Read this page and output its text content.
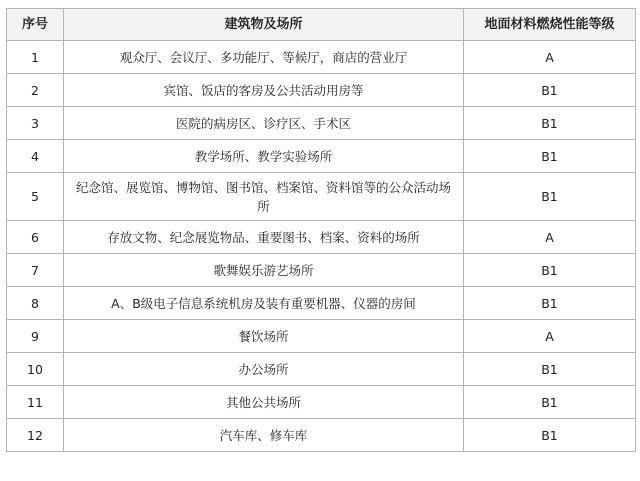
序号	建筑物及场所	地面材料燃烧性能等级
1	观众厅、会议厅、多功能厅、等候厅，商店的营业厅	A
2	宾馆、饭店的客房及公共活动用房等	B1
3	医院的病房区、诊疗区、手术区	B1
4	教学场所、教学实验场所	B1
5	纪念馆、展览馆、博物馆、图书馆、档案馆、资料馆等的公众活动场所	B1
6	存放文物、纪念展览物品、重要图书、档案、资料的场所	A
7	歌舞娱乐游艺场所	B1
8	A、B级电子信息系统机房及装有重要机器、仪器的房间	B1
9	餐饮场所	A
10	办公场所	B1
11	其他公共场所	B1
12	汽车库、修车库	B1
